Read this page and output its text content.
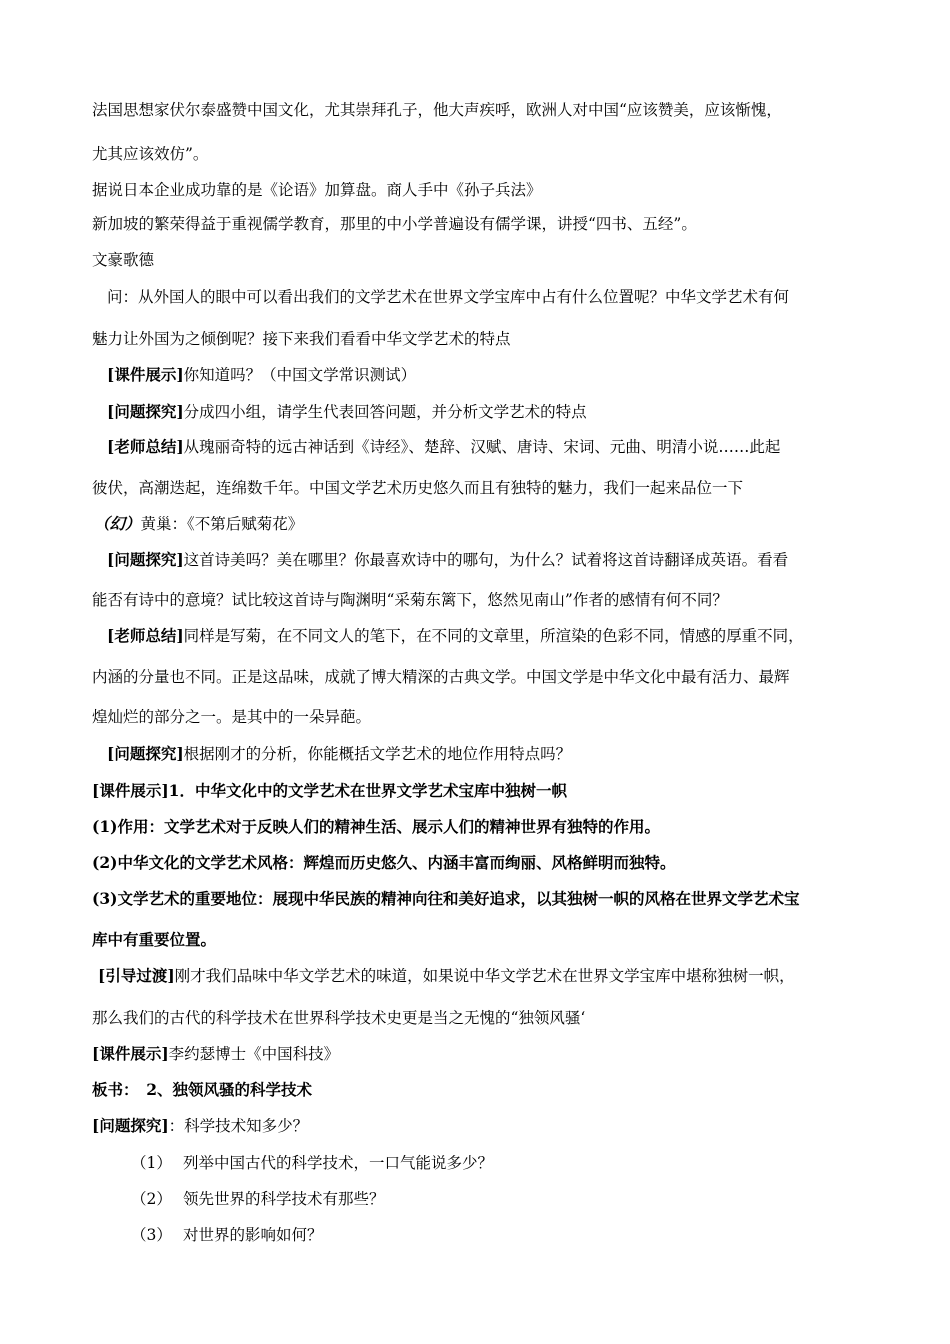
法国思想家伏尔泰盛赞中国文化，尤其崇拜孔子，他大声疾呼，欧洲人对中国“应该赞美，应该惭愧，
尤其应该效仿”。
据说日本企业成功靠的是《论语》加算盘。商人手中《孙子兵法》
新加坡的繁荣得益于重视儒学教育，那里的中小学普遍设有儒学课，讲授“四书、五经”。
文豪歌德
问：从外国人的眼中可以看出我们的文学艺术在世界文学宝库中占有什么位置呢？中华文学艺术有何
魅力让外国为之倾倒呢？接下来我们看看中华文学艺术的特点
[课件展示]你知道吗？（中国文学常识测试）
[问题探究]分成四小组，请学生代表回答问题，并分析文学艺术的特点
[老师总结]从瑰丽奇特的远古神话到《诗经》、楚辞、汉赋、唐诗、宋词、元曲、明清小说……此起
彼伏，高潮迭起，连绵数千年。中国文学艺术历史悠久而且有独特的魅力，我们一起来品位一下
（幻）黄巢：《不第后赋菊花》
[问题探究]这首诗美吗？美在哪里？你最喜欢诗中的哪句，为什么？试着将这首诗翻译成英语。看看
能否有诗中的意境？试比较这首诗与陶渊明“采菊东篱下，悠然见南山”作者的感情有何不同？
[老师总结]同样是写菊，在不同文人的笔下，在不同的文章里，所渲染的色彩不同，情感的厚重不同，
内涵的分量也不同。正是这品味，成就了博大精深的古典文学。中国文学是中华文化中最有活力、最辉
煌灿烂的部分之一。是其中的一朵异葩。
[问题探究]根据刚才的分析，你能概括文学艺术的地位作用特点吗？
[课件展示]1．中华文化中的文学艺术在世界文学艺术宝库中独树一帜
(1)作用：文学艺术对于反映人们的精神生活、展示人们的精神世界有独特的作用。
(2)中华文化的文学艺术风格：辉煌而历史悠久、内涵丰富而绚丽、风格鲜明而独特。
(3)文学艺术的重要地位：展现中华民族的精神向往和美好追求，以其独树一帜的风格在世界文学艺术宝
库中有重要位置。
[引导过渡]刚才我们品味中华文学艺术的味道，如果说中华文学艺术在世界文学宝库中堪称独树一帜，
那么我们的古代的科学技术在世界科学技术史更是当之无愧的“独领风骚‘
[课件展示]李约瑟博士《中国科技》
板书：　2、独领风骚的科学技术
[问题探究]：科学技术知多少？
（1） 列举中国古代的科学技术，一口气能说多少？
（2） 领先世界的科学技术有那些？
（3） 对世界的影响如何？
